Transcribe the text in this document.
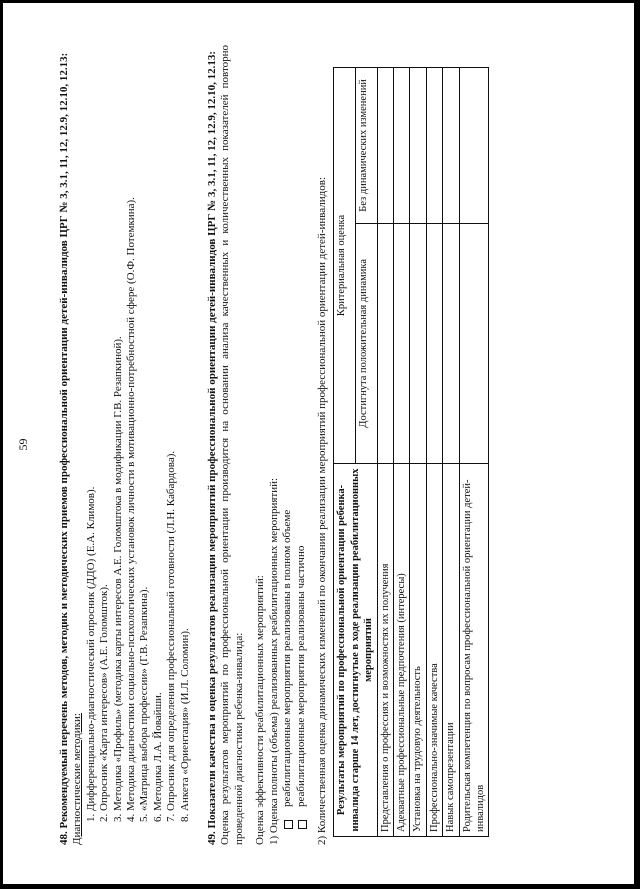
59	48. Рекомендуемый перечень методов, методик и методических приемов профессиональной ориентации детей-инвалидов ЦРГ № 3, 3.1, 11, 12, 12.9, 12.10, 12.13: Диагностические методики: 1. Дифференциально-диагностический опросник (ДДО) (Е.А. Климов). 2. Опросник «Карта интересов» (А.Е. Голомшток). 3. Методика «Профиль» (методика карты интересов А.Е. Голомштока в модификации Г.В. Резапкиной). 4. Методика диагностики социально-психологических установок личности в мотивационно-потребностной сфере (О.Ф. Потемкина). 5. «Матрица выбора профессии» (Г.В. Резапкина). 6. Методика Л.А. Йовайши. 7. Опросник для определения профессиональной готовности (Л.Н. Кабардова). 8. Анкета «Ориентация» (И.Л. Соломин). 49. Показатели качества и оценка результатов реализации мероприятий профессиональной ориентации детей-инвалидов ЦРГ № 3, 3.1, 11, 12, 12.9, 12.10, 12.13: Оценка результатов мероприятий по профессиональной ориентации производится на основании анализа качественных и количественных показателей повторно проведенной диагностики ребенка-инвалида: Оценка эффективности реабилитационных мероприятий: 1) Оценка полноты (объема) реализованных реабилитационных мероприятий: реабилитационные мероприятия реализованы в полном объеме реабилитационные мероприятия реализованы частично 2) Количественная оценка динамических изменений по окончании реализации мероприятий профессиональной ориентации детей-инвалидов: Результаты мероприятий по профессиональной ориентации ребенка-инвалида старше 14 лет, достигнутые в ходе реализации реабилитационных мероприятий	Критериальная оценка	
	Достигнута положительная динамика	Без динамических изменений
Представления о профессиях и возможностях их получения		
Адекватные профессиональные предпочтения (интересы)		
Установка на трудовую деятельность		
Профессионально-значимые качества		
Навык самопрезентации		
Родительская компетенция по вопросам профессиональной ориентации детей-инвалидов		
